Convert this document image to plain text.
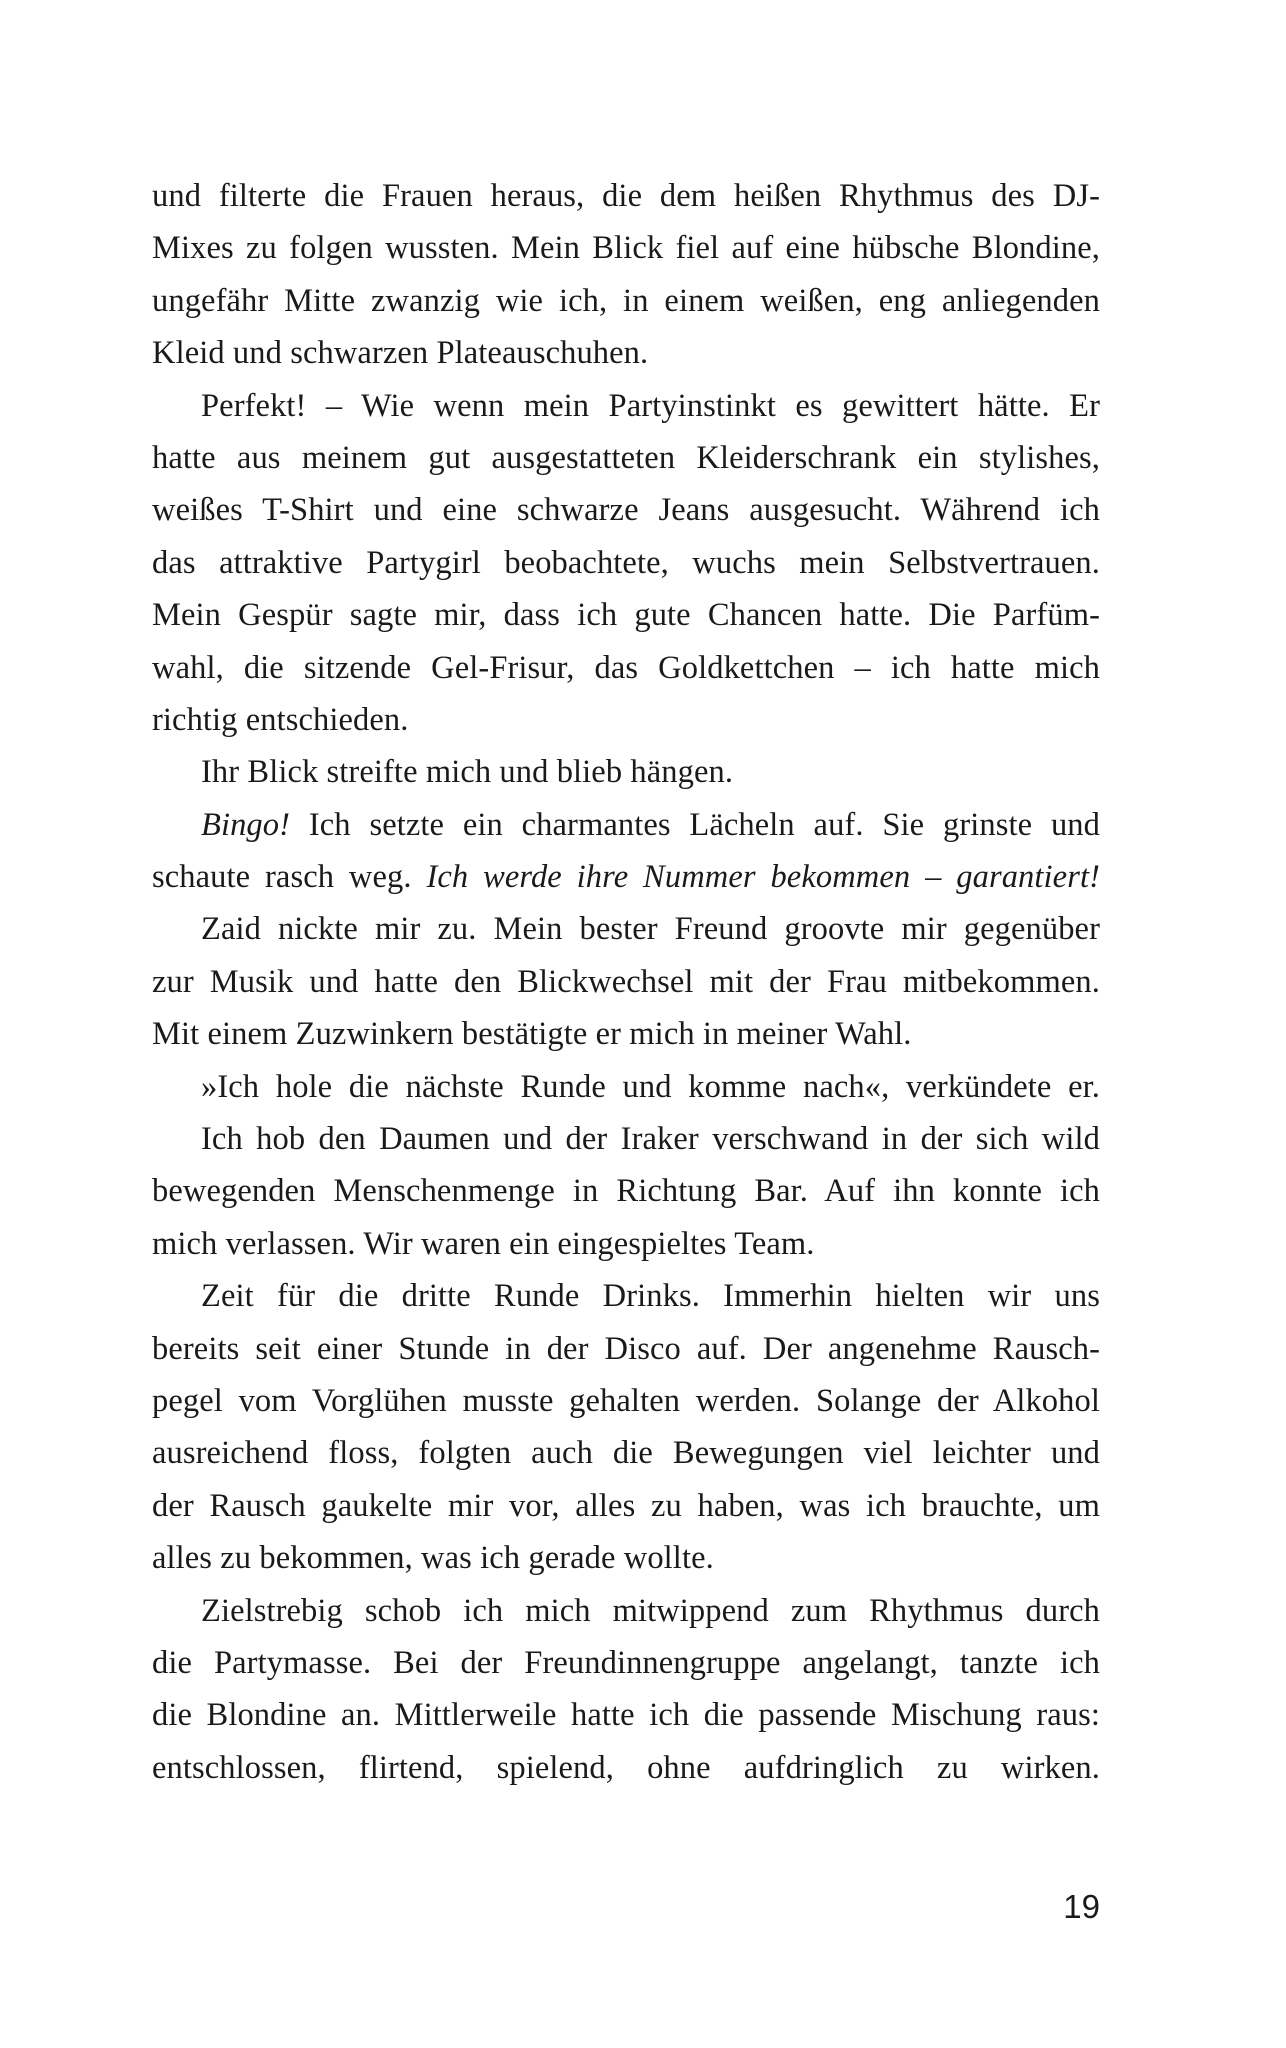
und filterte die Frauen heraus, die dem heißen Rhythmus des DJ-
Mixes zu folgen wussten. Mein Blick fiel auf eine hübsche Blondine,
ungefähr Mitte zwanzig wie ich, in einem weißen, eng anliegenden
Kleid und schwarzen Plateauschuhen.
Perfekt! – Wie wenn mein Partyinstinkt es gewittert hätte. Er
hatte aus meinem gut ausgestatteten Kleiderschrank ein stylishes,
weißes T-Shirt und eine schwarze Jeans ausgesucht. Während ich
das attraktive Partygirl beobachtete, wuchs mein Selbstvertrauen.
Mein Gespür sagte mir, dass ich gute Chancen hatte. Die Parfüm-
wahl, die sitzende Gel-Frisur, das Goldkettchen – ich hatte mich
richtig entschieden.
Ihr Blick streifte mich und blieb hängen.
Bingo! Ich setzte ein charmantes Lächeln auf. Sie grinste und
schaute rasch weg. Ich werde ihre Nummer bekommen – garantiert!
Zaid nickte mir zu. Mein bester Freund groovte mir gegenüber
zur Musik und hatte den Blickwechsel mit der Frau mitbekommen.
Mit einem Zuzwinkern bestätigte er mich in meiner Wahl.
»Ich hole die nächste Runde und komme nach«, verkündete er.
Ich hob den Daumen und der Iraker verschwand in der sich wild
bewegenden Menschenmenge in Richtung Bar. Auf ihn konnte ich
mich verlassen. Wir waren ein eingespieltes Team.
Zeit für die dritte Runde Drinks. Immerhin hielten wir uns
bereits seit einer Stunde in der Disco auf. Der angenehme Rausch-
pegel vom Vorglühen musste gehalten werden. Solange der Alkohol
ausreichend floss, folgten auch die Bewegungen viel leichter und
der Rausch gaukelte mir vor, alles zu haben, was ich brauchte, um
alles zu bekommen, was ich gerade wollte.
Zielstrebig schob ich mich mitwippend zum Rhythmus durch
die Partymasse. Bei der Freundinnengruppe angelangt, tanzte ich
die Blondine an. Mittlerweile hatte ich die passende Mischung raus:
entschlossen, flirtend, spielend, ohne aufdringlich zu wirken.
19
